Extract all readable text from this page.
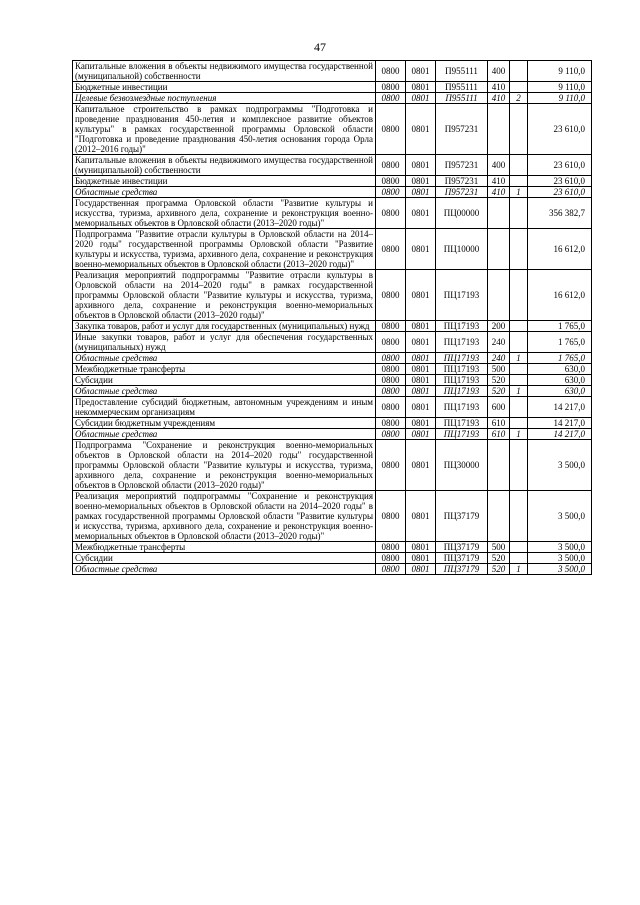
47
Капитальные вложения в объекты недвижимого имущества государственной (муниципальной) собственности	0800	0801	П955111	400		9 110,0
Бюджетные инвестиции	0800	0801	П955111	410		9 110,0
Целевые безвозмездные поступления	0800	0801	П955111	410	2	9 110,0
Капитальное строительство в рамках подпрограммы "Подготовка и проведение празднования 450-летия и комплексное развитие объектов культуры" в рамках государственной программы Орловской области "Подготовка и проведение празднования 450-летия основания города Орла (2012–2016 годы)"	0800	0801	П957231			23 610,0
Капитальные вложения в объекты недвижимого имущества государственной (муниципальной) собственности	0800	0801	П957231	400		23 610,0
Бюджетные инвестиции	0800	0801	П957231	410		23 610,0
Областные средства	0800	0801	П957231	410	1	23 610,0
Государственная программа Орловской области "Развитие культуры и искусства, туризма, архивного дела, сохранение и реконструкция военно-мемориальных объектов в Орловской области (2013–2020 годы)"	0800	0801	ПЦ00000			356 382,7
Подпрограмма "Развитие отрасли культуры в Орловской области на 2014–2020 годы" государственной программы Орловской области "Развитие культуры и искусства, туризма, архивного дела, сохранение и реконструкция военно-мемориальных объектов в Орловской области (2013–2020 годы)"	0800	0801	ПЦ10000			16 612,0
Реализация мероприятий подпрограммы "Развитие отрасли культуры в Орловской области на 2014–2020 годы" в рамках государственной программы Орловской области "Развитие культуры и искусства, туризма, архивного дела, сохранение и реконструкция военно-мемориальных объектов в Орловской области (2013–2020 годы)"	0800	0801	ПЦ17193			16 612,0
Закупка товаров, работ и услуг для государственных (муниципальных) нужд	0800	0801	ПЦ17193	200		1 765,0
Иные закупки товаров, работ и услуг для обеспечения государственных (муниципальных) нужд	0800	0801	ПЦ17193	240		1 765,0
Областные средства	0800	0801	ПЦ17193	240	1	1 765,0
Межбюджетные трансферты	0800	0801	ПЦ17193	500		630,0
Субсидии	0800	0801	ПЦ17193	520		630,0
Областные средства	0800	0801	ПЦ17193	520	1	630,0
Предоставление субсидий бюджетным, автономным учреждениям и иным некоммерческим организациям	0800	0801	ПЦ17193	600		14 217,0
Субсидии бюджетным учреждениям	0800	0801	ПЦ17193	610		14 217,0
Областные средства	0800	0801	ПЦ17193	610	1	14 217,0
Подпрограмма "Сохранение и реконструкция военно-мемориальных объектов в Орловской области на 2014–2020 годы" государственной программы Орловской области "Развитие культуры и искусства, туризма, архивного дела, сохранение и реконструкция военно-мемориальных объектов в Орловской области (2013–2020 годы)"	0800	0801	ПЦ30000			3 500,0
Реализация мероприятий подпрограммы "Сохранение и реконструкция военно-мемориальных объектов в Орловской области на 2014–2020 годы" в рамках государственной программы Орловской области "Развитие культуры и искусства, туризма, архивного дела, сохранение и реконструкция военно-мемориальных объектов в Орловской области (2013–2020 годы)"	0800	0801	ПЦ37179			3 500,0
Межбюджетные трансферты	0800	0801	ПЦ37179	500		3 500,0
Субсидии	0800	0801	ПЦ37179	520		3 500,0
Областные средства	0800	0801	ПЦ37179	520	1	3 500,0
